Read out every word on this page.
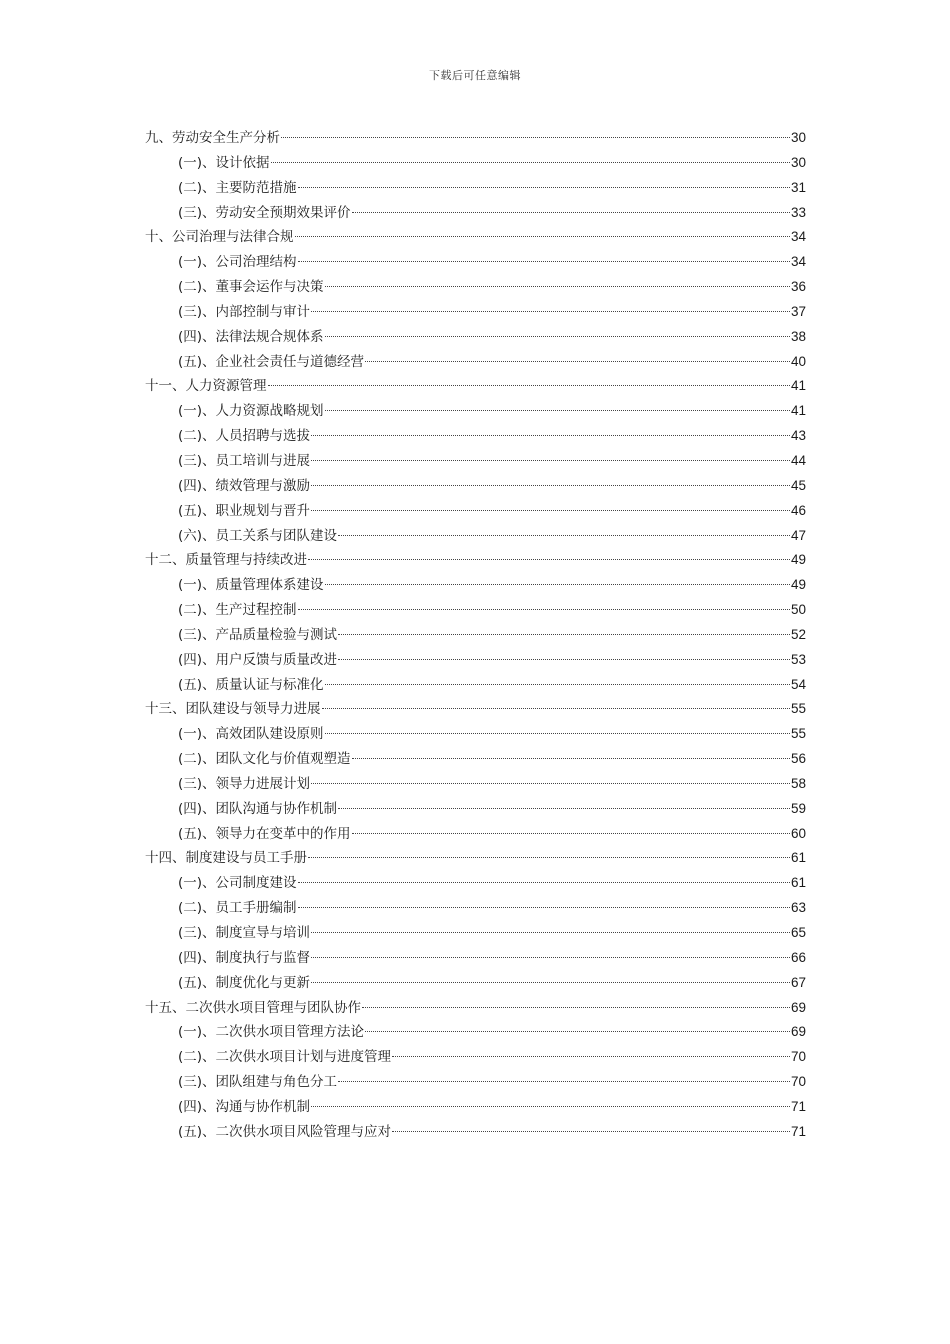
下载后可任意编辑
九、劳动安全生产分析	30
(一)、设计依据	30
(二)、主要防范措施	31
(三)、劳动安全预期效果评价	33
十、公司治理与法律合规	34
(一)、公司治理结构	34
(二)、董事会运作与决策	36
(三)、内部控制与审计	37
(四)、法律法规合规体系	38
(五)、企业社会责任与道德经营	40
十一、人力资源管理	41
(一)、人力资源战略规划	41
(二)、人员招聘与选拔	43
(三)、员工培训与进展	44
(四)、绩效管理与激励	45
(五)、职业规划与晋升	46
(六)、员工关系与团队建设	47
十二、质量管理与持续改进	49
(一)、质量管理体系建设	49
(二)、生产过程控制	50
(三)、产品质量检验与测试	52
(四)、用户反馈与质量改进	53
(五)、质量认证与标准化	54
十三、团队建设与领导力进展	55
(一)、高效团队建设原则	55
(二)、团队文化与价值观塑造	56
(三)、领导力进展计划	58
(四)、团队沟通与协作机制	59
(五)、领导力在变革中的作用	60
十四、制度建设与员工手册	61
(一)、公司制度建设	61
(二)、员工手册编制	63
(三)、制度宣导与培训	65
(四)、制度执行与监督	66
(五)、制度优化与更新	67
十五、二次供水项目管理与团队协作	69
(一)、二次供水项目管理方法论	69
(二)、二次供水项目计划与进度管理	70
(三)、团队组建与角色分工	70
(四)、沟通与协作机制	71
(五)、二次供水项目风险管理与应对	71
